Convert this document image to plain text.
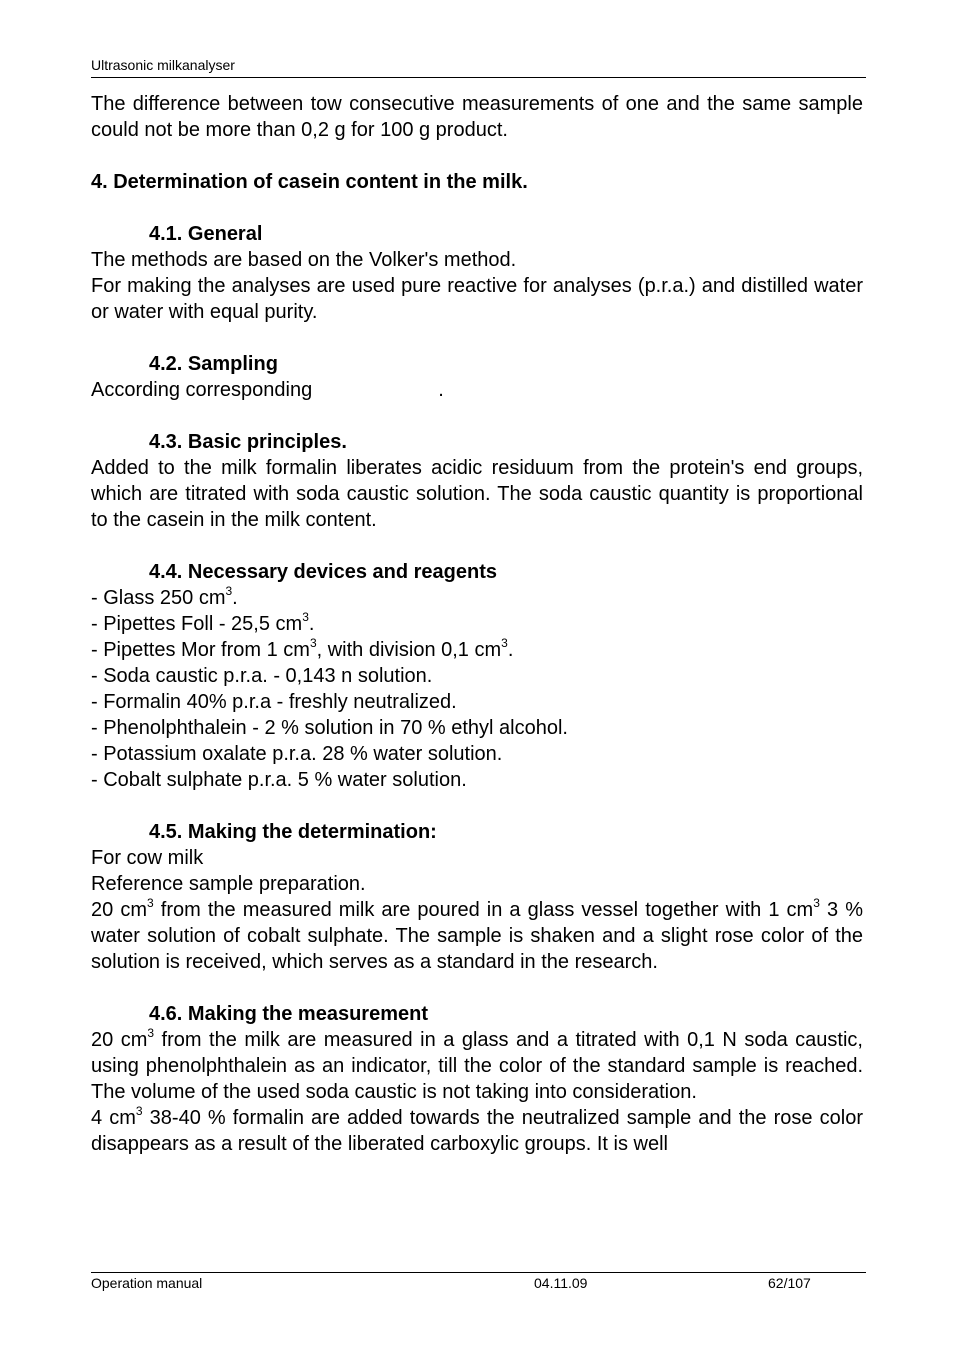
Ultrasonic milkanalyser

The difference between tow consecutive measurements of one and the same sample could not be more than 0,2 g for 100 g product.

4. Determination of casein content in the milk.
4.1. General

The methods are based on the Volker's method.

For making the analyses are used pure reactive for analyses (p.r.a.) and distilled water or water with equal purity.

4.2. Sampling

According corresponding	.

4.3. Basic principles.

Added to the milk formalin liberates acidic residuum from the protein's end groups, which are titrated with soda caustic solution. The soda caustic quantity is proportional to the casein in the milk content.

4.4. Necessary devices and reagents
- Glass 250 $cm^3$.
- Pipettes Foll - 25,5 $cm^3$.
- Pipettes Mor from 1 $cm^3$, with division 0,1 $cm^3$.
- Soda caustic p.r.a. - 0,143 n solution.
- Formalin 40% p.r.a - freshly neutralized.
- Phenolphthalein - 2 % solution in 70 % ethyl alcohol.
- Potassium oxalate p.r.a. 28 % water solution.
- Cobalt sulphate p.r.a. 5 % water solution.
4.5. Making the determination:

For cow milk

Reference sample preparation.

20 $cm^3$ from the measured milk are poured in a glass vessel together with 1 $cm^3$ 3 % water solution of cobalt sulphate. The sample is shaken and a slight rose color of the solution is received, which serves as a standard in the research.

4.6. Making the measurement

20 $cm^3$ from the milk are measured in a glass and a titrated with 0,1 N soda caustic, using phenolphthalein as an indicator, till the color of the standard sample is reached. The volume of the used soda caustic is not taking into consideration.

4 $cm^3$ 38-40 % formalin are added towards the neutralized sample and the rose color disappears as a result of the liberated carboxylic groups. It is well

Operation manual	04.11.09	62/107
